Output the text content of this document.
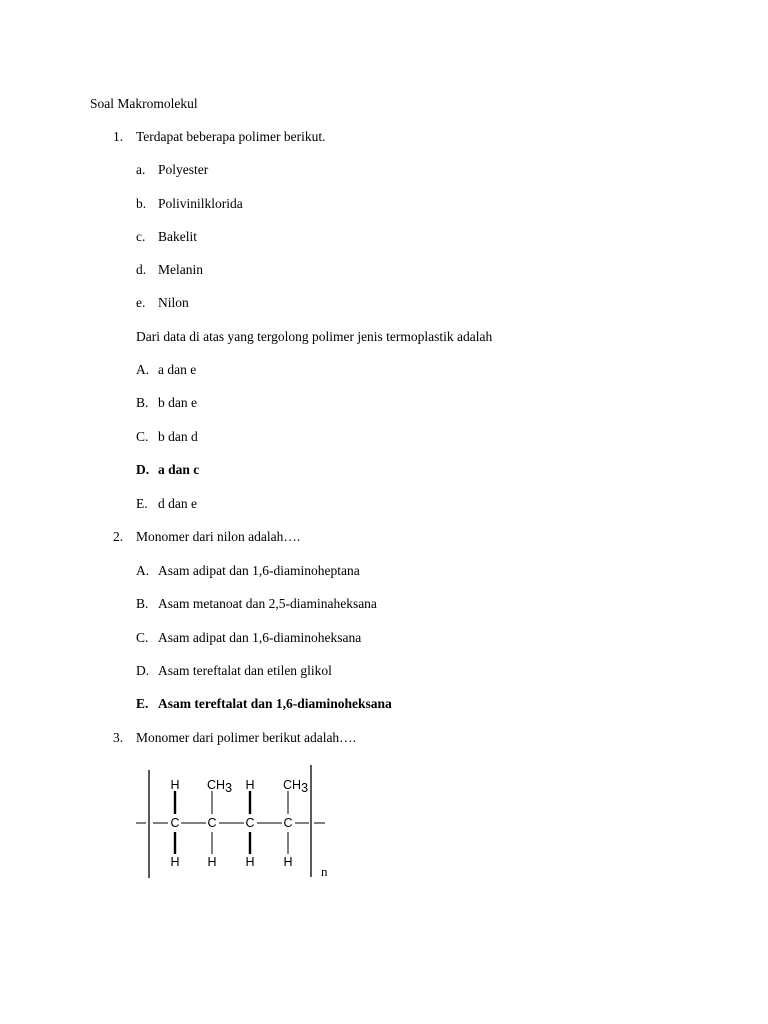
Soal Makromolekul
1. Terdapat beberapa polimer berikut.
a. Polyester
b. Polivinilklorida
c. Bakelit
d. Melanin
e. Nilon
Dari data di atas yang tergolong polimer jenis termoplastik adalah
A. a dan e
B. b dan e
C. b dan d
D. a dan c
E. d dan e
2. Monomer dari nilon adalah….
A. Asam adipat dan 1,6-diaminoheptana
B. Asam metanoat dan 2,5-diaminaheksana
C. Asam adipat dan 1,6-diaminoheksana
D. Asam tereftalat dan etilen glikol
E. Asam tereftalat dan 1,6-diaminoheksana
3. Monomer dari polimer berikut adalah….
C C C C
H CH3 H CH3
H H H H
n
